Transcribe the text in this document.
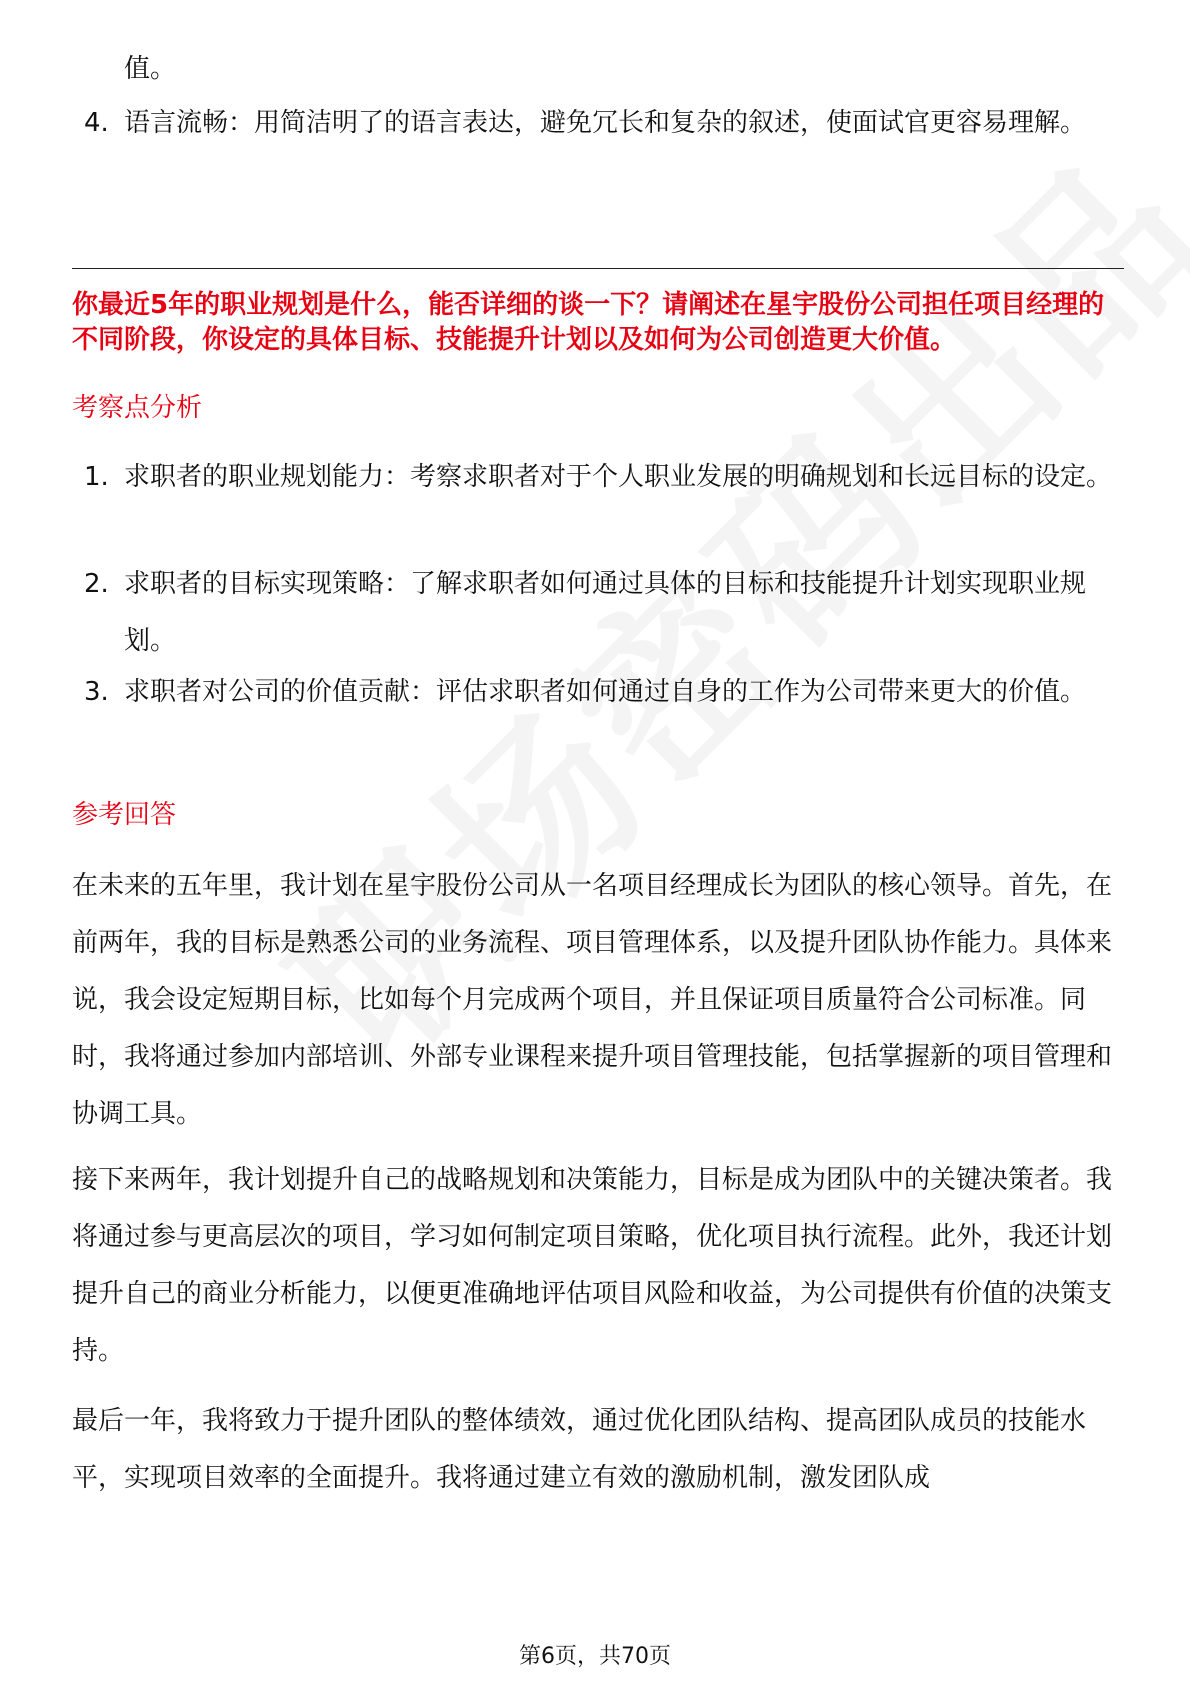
值。
4. 语言流畅：用简洁明了的语言表达，避免冗长和复杂的叙述，使面试官更容易理解。
你最近5年的职业规划是什么，能否详细的谈一下？请阐述在星宇股份公司担任项目经理的不同阶段，你设定的具体目标、技能提升计划以及如何为公司创造更大价值。
考察点分析
1. 求职者的职业规划能力：考察求职者对于个人职业发展的明确规划和长远目标的设定。
2. 求职者的目标实现策略：了解求职者如何通过具体的目标和技能提升计划实现职业规划。
3. 求职者对公司的价值贡献：评估求职者如何通过自身的工作为公司带来更大的价值。
参考回答
在未来的五年里，我计划在星宇股份公司从一名项目经理成长为团队的核心领导。首先，在前两年，我的目标是熟悉公司的业务流程、项目管理体系，以及提升团队协作能力。具体来说，我会设定短期目标，比如每个月完成两个项目，并且保证项目质量符合公司标准。同时，我将通过参加内部培训、外部专业课程来提升项目管理技能，包括掌握新的项目管理和协调工具。
接下来两年，我计划提升自己的战略规划和决策能力，目标是成为团队中的关键决策者。我将通过参与更高层次的项目，学习如何制定项目策略，优化项目执行流程。此外，我还计划提升自己的商业分析能力，以便更准确地评估项目风险和收益，为公司提供有价值的决策支持。
最后一年，我将致力于提升团队的整体绩效，通过优化团队结构、提高团队成员的技能水平，实现项目效率的全面提升。我将通过建立有效的激励机制，激发团队成
第6页，共70页
